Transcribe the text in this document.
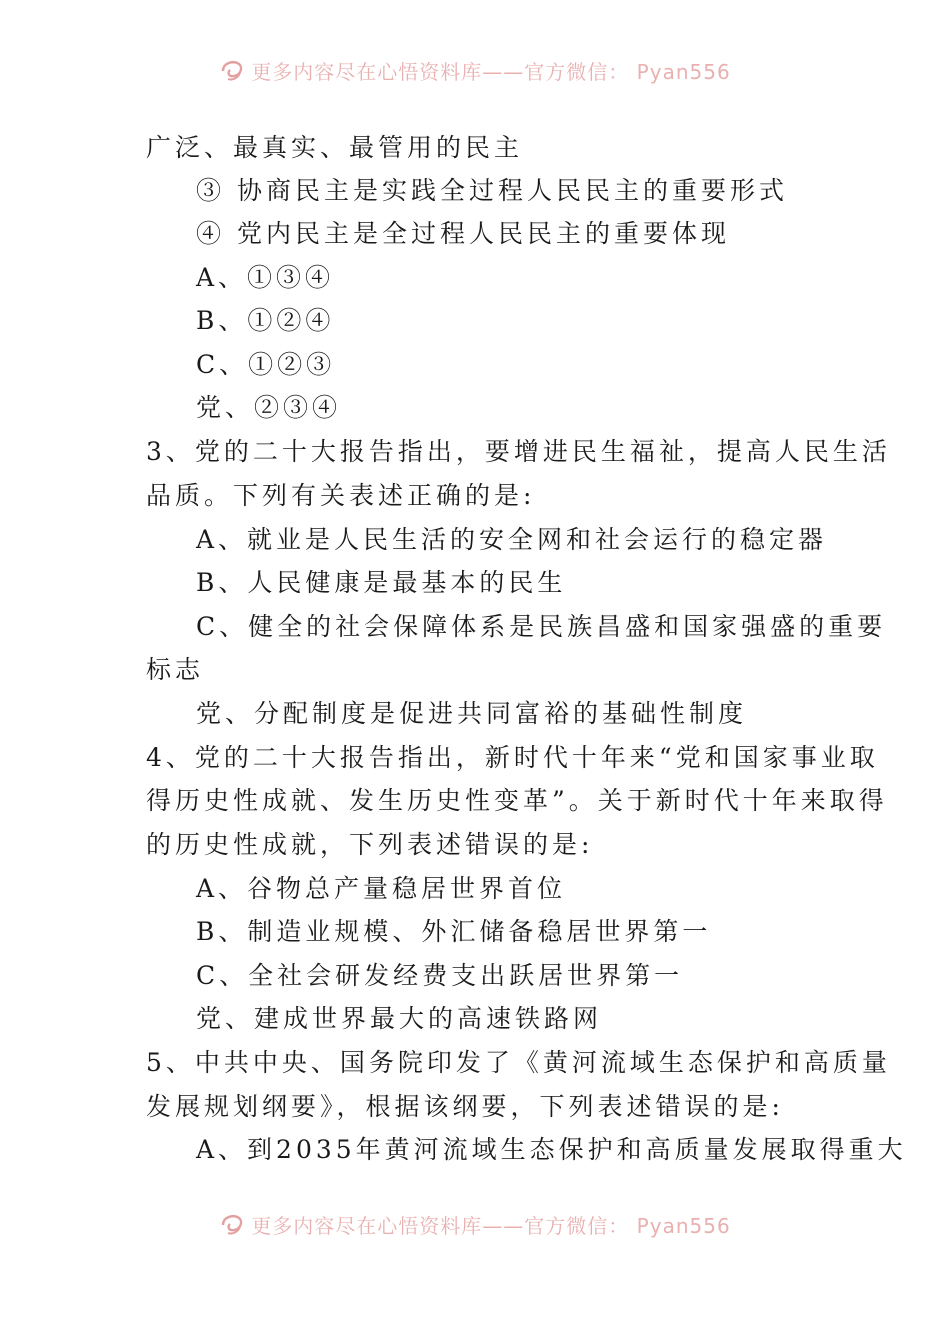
更多内容尽在心悟资料库——官方微信： Pyan556
广泛、最真实、最管用的民主
③ 协商民主是实践全过程人民民主的重要形式
④ 党内民主是全过程人民民主的重要体现
A、①③④
B、①②④
C、①②③
党、②③④
3、党的二十大报告指出，要增进民生福祉，提高人民生活
品质。下列有关表述正确的是:
A、就业是人民生活的安全网和社会运行的稳定器
B、人民健康是最基本的民生
C、健全的社会保障体系是民族昌盛和国家强盛的重要
标志
党、分配制度是促进共同富裕的基础性制度
4、党的二十大报告指出，新时代十年来“党和国家事业取
得历史性成就、发生历史性变革”。关于新时代十年来取得
的历史性成就，下列表述错误的是:
A、谷物总产量稳居世界首位
B、制造业规模、外汇储备稳居世界第一
C、全社会研发经费支出跃居世界第一
党、建成世界最大的高速铁路网
5、中共中央、国务院印发了《黄河流域生态保护和高质量
发展规划纲要》，根据该纲要，下列表述错误的是:
A、到2035年黄河流域生态保护和高质量发展取得重大
更多内容尽在心悟资料库——官方微信： Pyan556
